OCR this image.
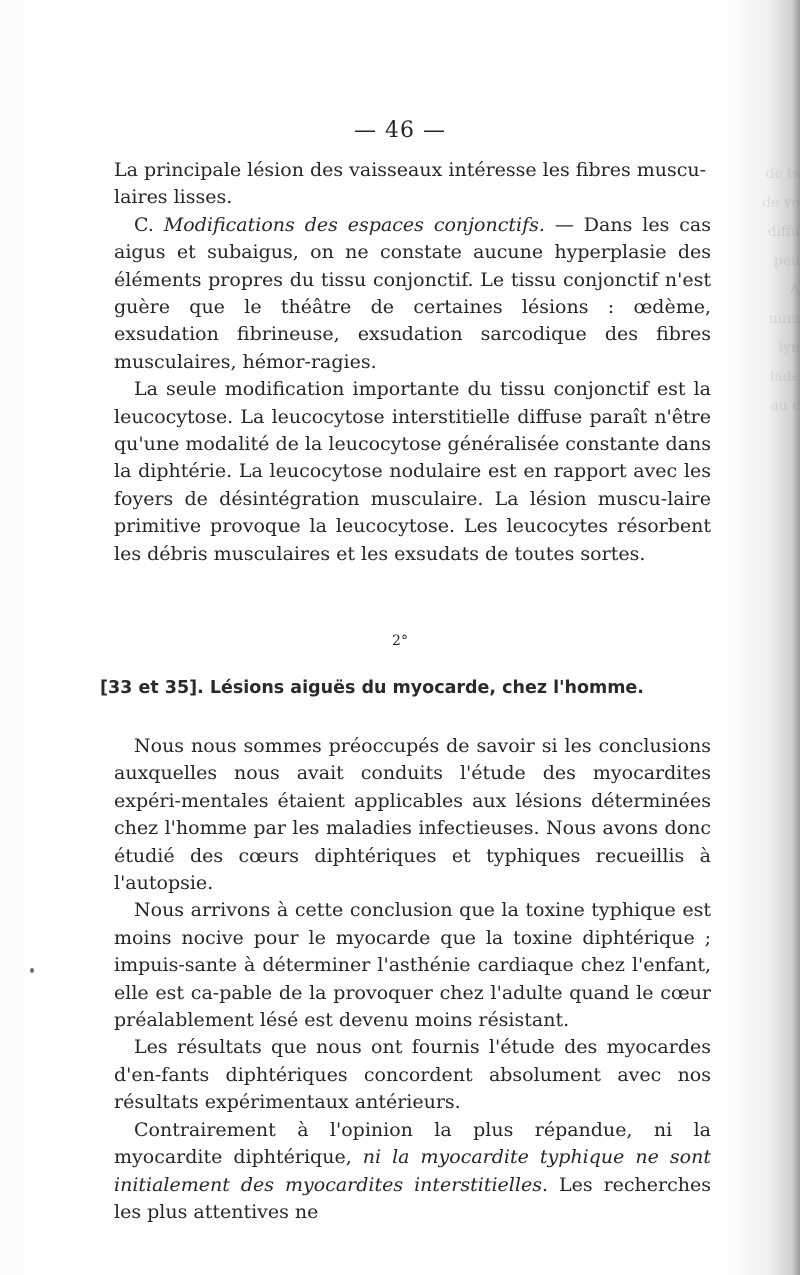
de ts
de vo
diffu
peu
A
num
lyn
lade
au c
— 46 —

La principale lésion des vaisseaux intéresse les fibres muscu-
laires lisses.

C. Modifications des espaces conjonctifs. — Dans les cas aigus et subaigus, on ne constate aucune hyperplasie des éléments propres du tissu conjonctif. Le tissu conjonctif n'est guère que le théâtre de certaines lésions : œdème, exsudation fibrineuse, exsudation sarcodique des fibres musculaires, hémor-ragies.

La seule modification importante du tissu conjonctif est la leucocytose. La leucocytose interstitielle diffuse paraît n'être qu'une modalité de la leucocytose généralisée constante dans la diphtérie. La leucocytose nodulaire est en rapport avec les foyers de désintégration musculaire. La lésion muscu-laire primitive provoque la leucocytose. Les leucocytes résorbent les débris musculaires et les exsudats de toutes sortes.

2°
[33 et 35]. Lésions aiguës du myocarde, chez l'homme.

Nous nous sommes préoccupés de savoir si les conclusions auxquelles nous avait conduits l'étude des myocardites expéri-mentales étaient applicables aux lésions déterminées chez l'homme par les maladies infectieuses. Nous avons donc étudié des cœurs diphtériques et typhiques recueillis à l'autopsie.

Nous arrivons à cette conclusion que la toxine typhique est moins nocive pour le myocarde que la toxine diphtérique ; impuis-sante à déterminer l'asthénie cardiaque chez l'enfant, elle est ca-pable de la provoquer chez l'adulte quand le cœur préalablement lésé est devenu moins résistant.

Les résultats que nous ont fournis l'étude des myocardes d'en-fants diphtériques concordent absolument avec nos résultats expérimentaux antérieurs.

Contrairement à l'opinion la plus répandue, ni la myocardite diphtérique, ni la myocardite typhique ne sont initialement des myocardites interstitielles. Les recherches les plus attentives ne
